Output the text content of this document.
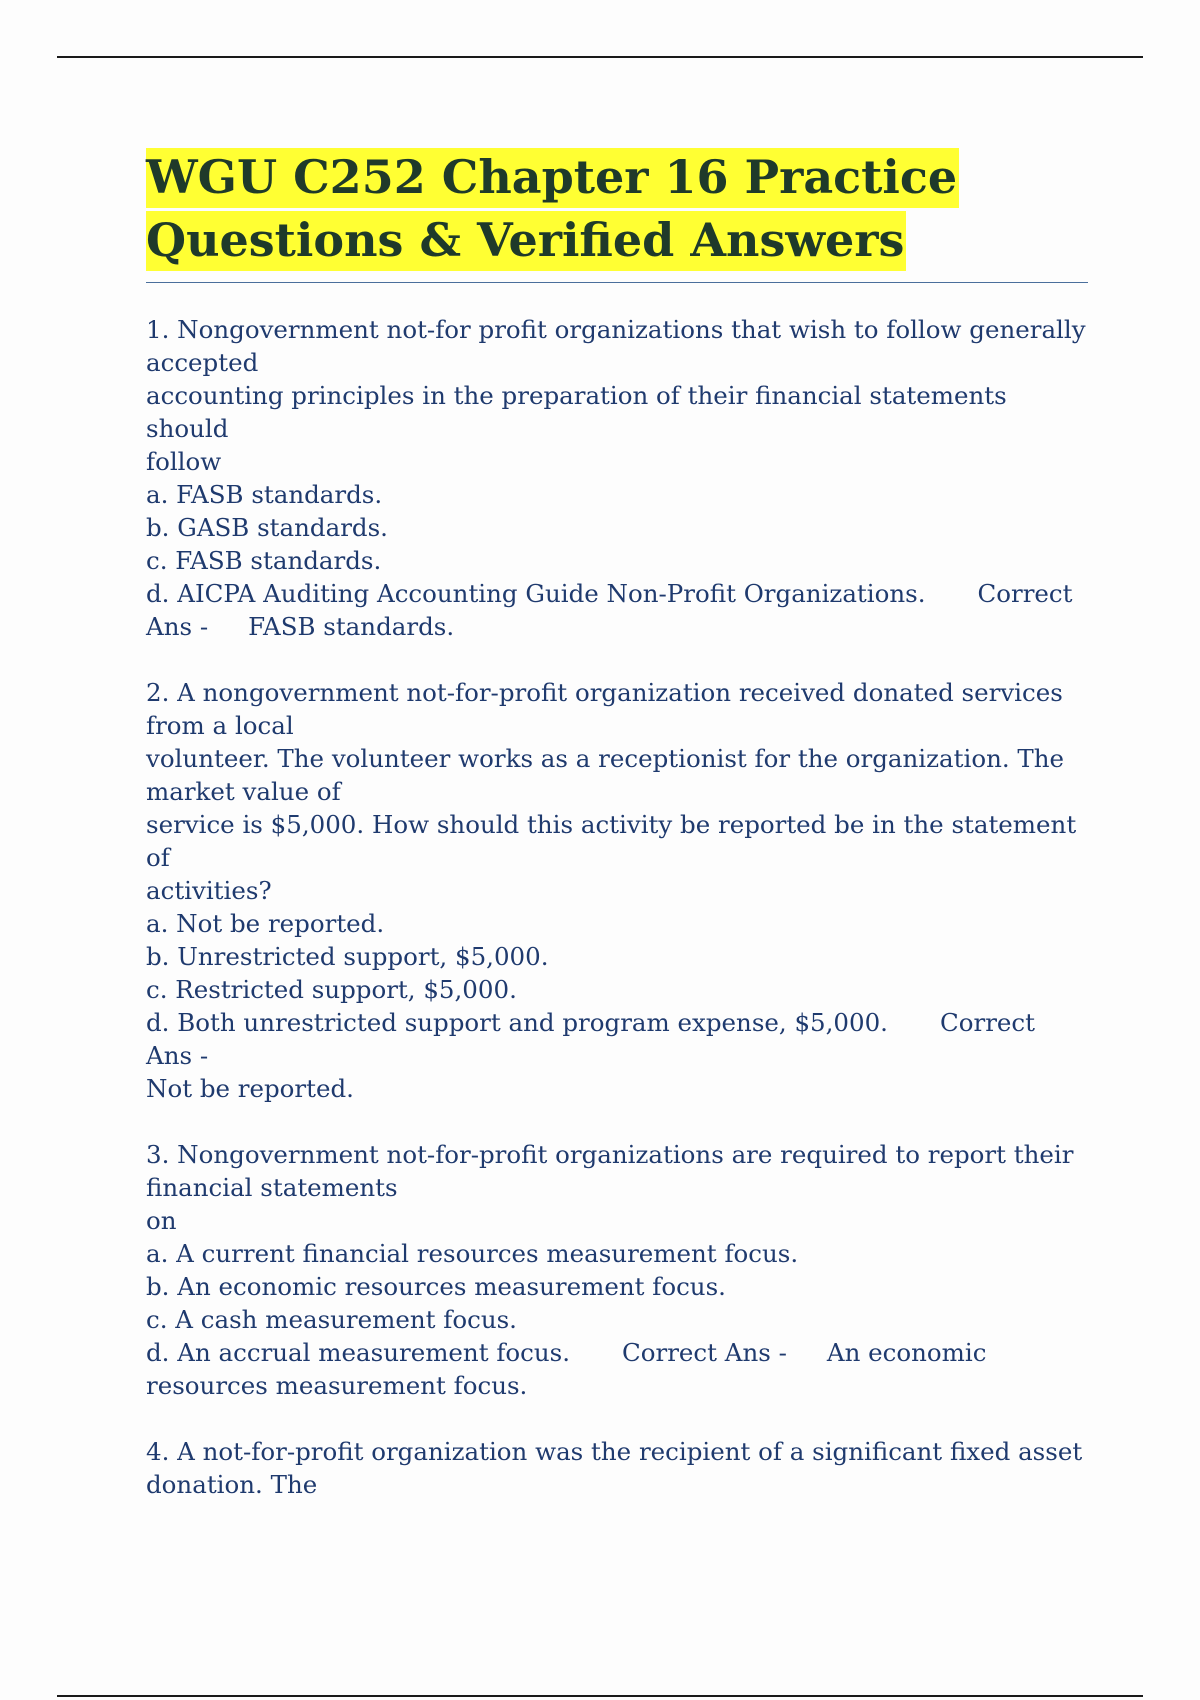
WGU C252 Chapter 16 Practice
Questions & Verified Answers
1. Nongovernment not-for profit organizations that wish to follow generally
accepted
accounting principles in the preparation of their financial statements should
follow
a. FASB standards.
b. GASB standards.
c. FASB standards.
d. AICPA Auditing Accounting Guide Non-Profit Organizations. Correct
Ans - FASB standards.
2. A nongovernment not-for-profit organization received donated services
from a local
volunteer. The volunteer works as a receptionist for the organization. The
market value of
service is $5,000. How should this activity be reported be in the statement of
activities?
a. Not be reported.
b. Unrestricted support, $5,000.
c. Restricted support, $5,000.
d. Both unrestricted support and program expense, $5,000. Correct Ans -
Not be reported.
3. Nongovernment not-for-profit organizations are required to report their
financial statements
on
a. A current financial resources measurement focus.
b. An economic resources measurement focus.
c. A cash measurement focus.
d. An accrual measurement focus. Correct Ans - An economic
resources measurement focus.
4. A not-for-profit organization was the recipient of a significant fixed asset
donation. The
